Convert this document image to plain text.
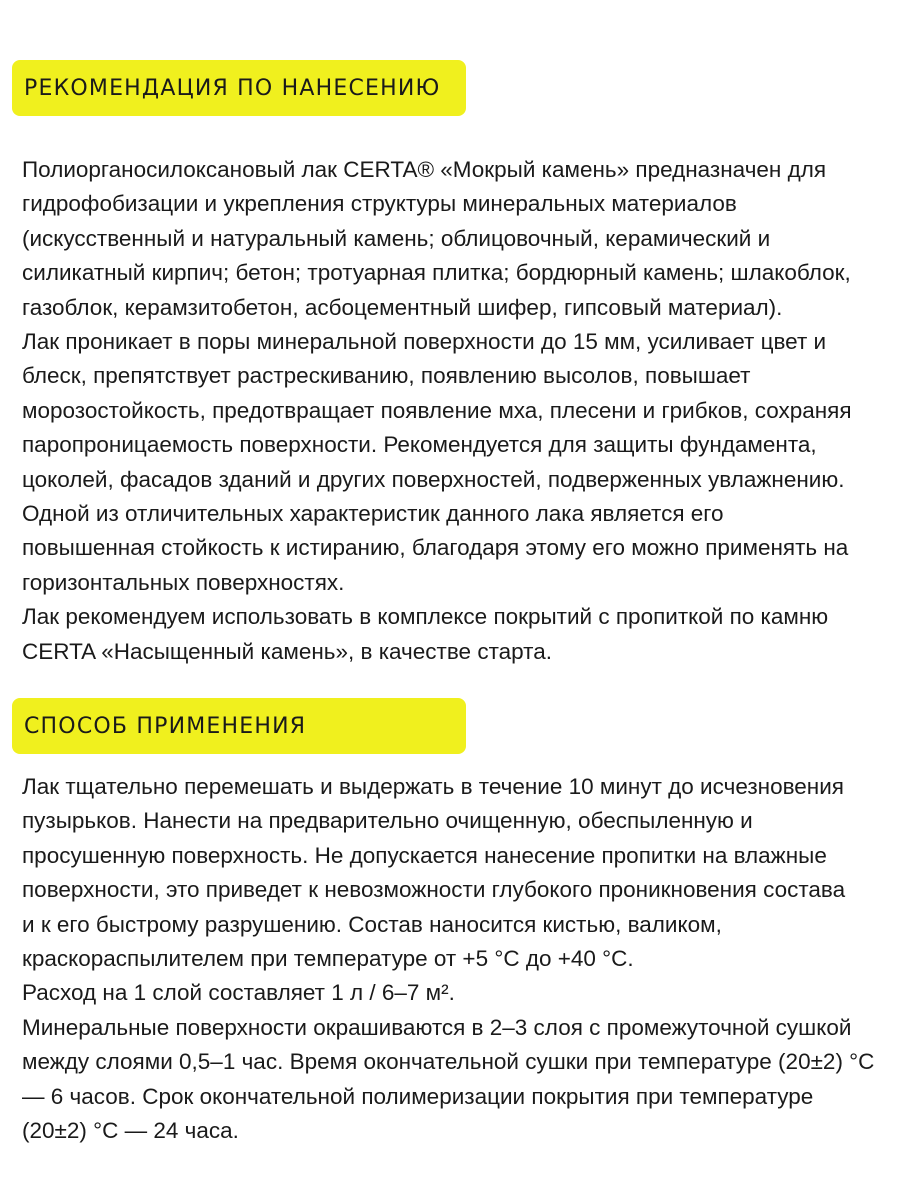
РЕКОМЕНДАЦИЯ ПО НАНЕСЕНИЮ
Полиорганосилоксановый лак CERTA® «Мокрый камень» предназначен для
гидрофобизации и укрепления структуры минеральных материалов
(искусственный и натуральный камень; облицовочный, керамический и
силикатный кирпич; бетон; тротуарная плитка; бордюрный камень; шлакоблок,
газоблок, керамзитобетон, асбоцементный шифер, гипсовый материал).
Лак проникает в поры минеральной поверхности до 15 мм, усиливает цвет и
блеск, препятствует растрескиванию, появлению высолов, повышает
морозостойкость, предотвращает появление мха, плесени и грибков, сохраняя
паропроницаемость поверхности. Рекомендуется для защиты фундамента,
цоколей, фасадов зданий и других поверхностей, подверженных увлажнению.
Одной из отличительных характеристик данного лака является его
повышенная стойкость к истиранию, благодаря этому его можно применять на
горизонтальных поверхностях.
Лак рекомендуем использовать в комплексе покрытий с пропиткой по камню
CERTA «Насыщенный камень», в качестве старта.
СПОСОБ ПРИМЕНЕНИЯ
Лак тщательно перемешать и выдержать в течение 10 минут до исчезновения
пузырьков. Нанести на предварительно очищенную, обеспыленную и
просушенную поверхность. Не допускается нанесение пропитки на влажные
поверхности, это приведет к невозможности глубокого проникновения состава
и к его быстрому разрушению. Состав наносится кистью, валиком,
краскораспылителем при температуре от +5 °С до +40 °С.
Расход на 1 слой составляет 1 л / 6–7 м².
Минеральные поверхности окрашиваются в 2–3 слоя с промежуточной сушкой
между слоями 0,5–1 час. Время окончательной сушки при температуре (20±2) °С
— 6 часов. Срок окончательной полимеризации покрытия при температуре
(20±2) °С — 24 часа.
